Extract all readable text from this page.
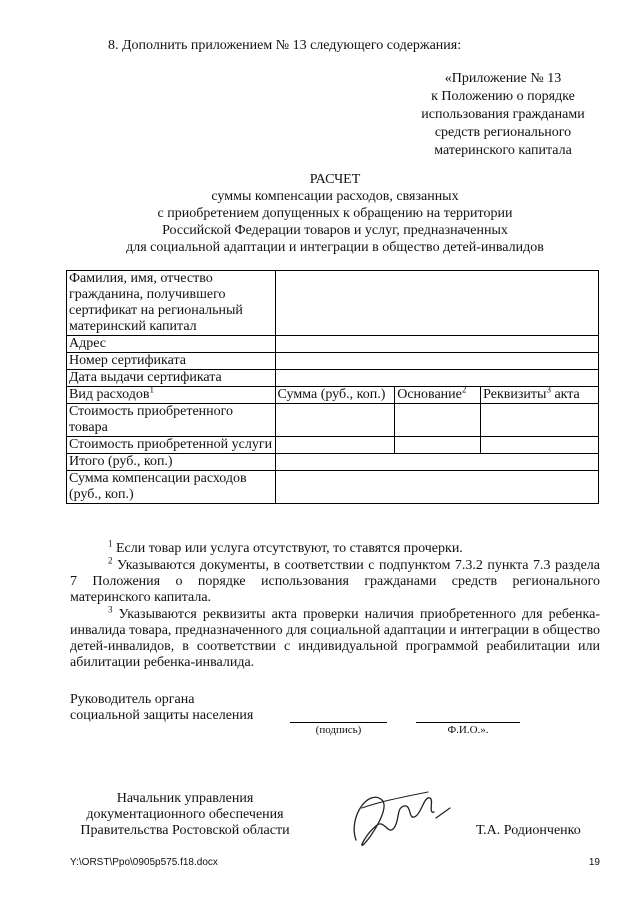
8. Дополнить приложением № 13 следующего содержания:
«Приложение № 13
к Положению о порядке
использования гражданами
средств регионального
материнского капитала
РАСЧЕТ
суммы компенсации расходов, связанных
с приобретением допущенных к обращению на территории
Российской Федерации товаров и услуг, предназначенных
для социальной адаптации и интеграции в общество детей-инвалидов
Фамилия, имя, отчество гражданина, получившего сертификат на региональный материнский капитал			
Адрес			
Номер сертификата			
Дата выдачи сертификата			
Вид расходов$^1$	Сумма (руб., коп.)	Основание$^2$	Реквизиты$^3$ акта
Стоимость приобретенного товара			
Стоимость приобретенной услуги			
Итого (руб., коп.)			
Сумма компенсации расходов (руб., коп.)			
$^1$ Если товар или услуга отсутствуют, то ставятся прочерки.
$^2$ Указываются документы, в соответствии с подпунктом 7.3.2 пункта 7.3 раздела 7 Положения о порядке использования гражданами средств регионального материнского капитала.
$^3$ Указываются реквизиты акта проверки наличия приобретенного для ребенка-инвалида товара, предназначенного для социальной адаптации и интеграции в общество детей-инвалидов, в соответствии с индивидуальной программой реабилитации или абилитации ребенка-инвалида.
Руководитель органа
социальной защиты населения
(подпись)	Ф.И.О.».
Начальник управления
документационного обеспечения
Правительства Ростовской области	Т.А. Родионченко
Y:\ORST\Ppo\0905p575.f18.docx	19
